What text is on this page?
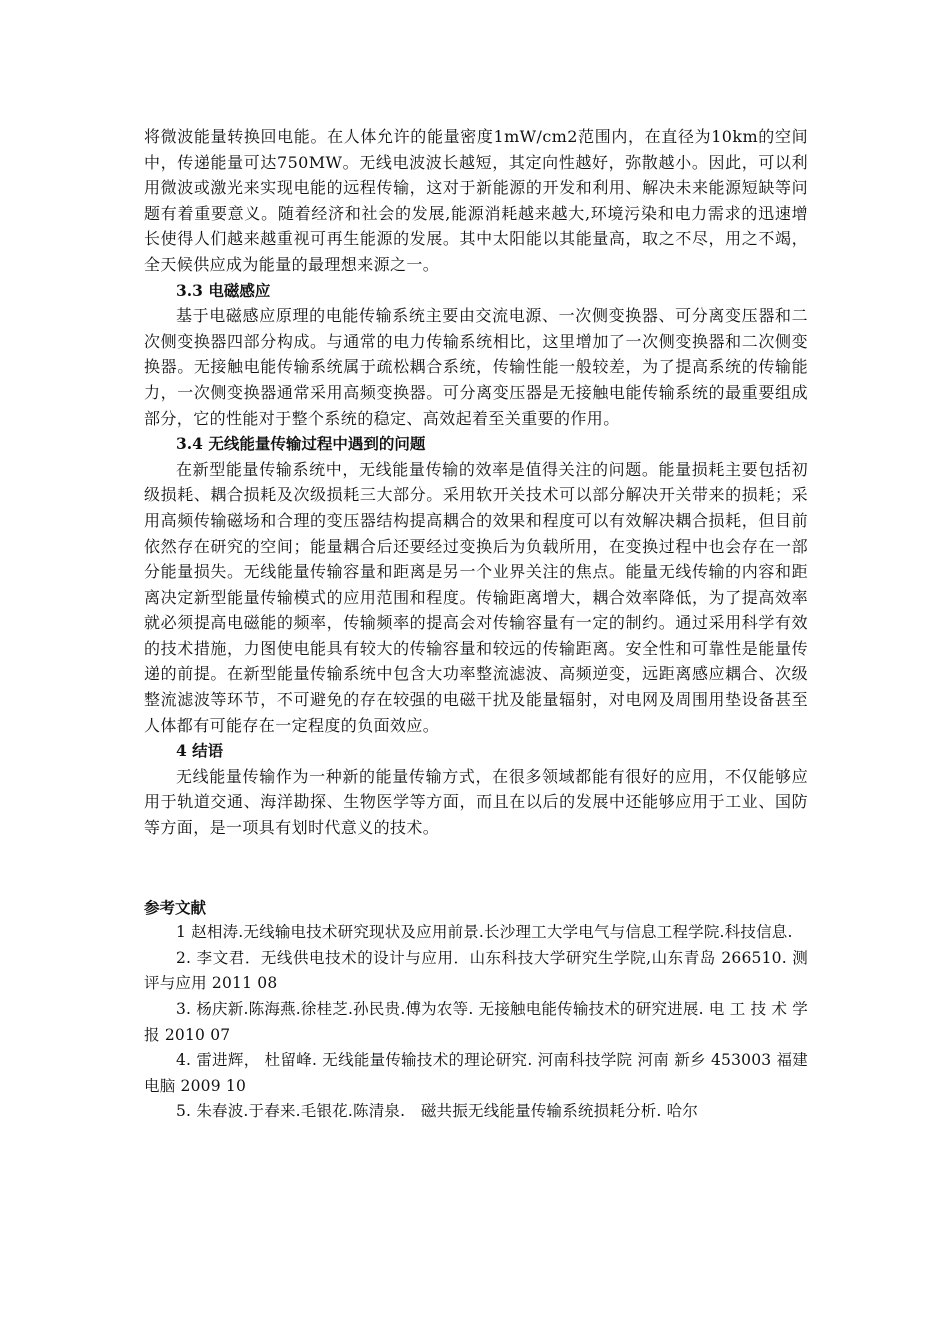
将微波能量转换回电能。在人体允许的能量密度1mW/cm2范围内，在直径为10km的空间中，传递能量可达750MW。无线电波波长越短，其定向性越好，弥散越小。因此，可以利用微波或激光来实现电能的远程传输，这对于新能源的开发和利用、解决未来能源短缺等问题有着重要意义。随着经济和社会的发展,能源消耗越来越大,环境污染和电力需求的迅速增长使得人们越来越重视可再生能源的发展。其中太阳能以其能量高，取之不尽，用之不竭，全天候供应成为能量的最理想来源之一。

3.3 电磁感应

基于电磁感应原理的电能传输系统主要由交流电源、一次侧变换器、可分离变压器和二次侧变换器四部分构成。与通常的电力传输系统相比，这里增加了一次侧变换器和二次侧变换器。无接触电能传输系统属于疏松耦合系统，传输性能一般较差，为了提高系统的传输能力，一次侧变换器通常采用高频变换器。可分离变压器是无接触电能传输系统的最重要组成部分，它的性能对于整个系统的稳定、高效起着至关重要的作用。

3.4 无线能量传输过程中遇到的问题

在新型能量传输系统中，无线能量传输的效率是值得关注的问题。能量损耗主要包括初级损耗、耦合损耗及次级损耗三大部分。采用软开关技术可以部分解决开关带来的损耗；采用高频传输磁场和合理的变压器结构提高耦合的效果和程度可以有效解决耦合损耗，但目前依然存在研究的空间；能量耦合后还要经过变换后为负载所用，在变换过程中也会存在一部分能量损失。无线能量传输容量和距离是另一个业界关注的焦点。能量无线传输的内容和距离决定新型能量传输模式的应用范围和程度。传输距离增大，耦合效率降低，为了提高效率就必须提高电磁能的频率，传输频率的提高会对传输容量有一定的制约。通过采用科学有效的技术措施，力图使电能具有较大的传输容量和较远的传输距离。安全性和可靠性是能量传递的前提。在新型能量传输系统中包含大功率整流滤波、高频逆变，远距离感应耦合、次级整流滤波等环节，不可避免的存在较强的电磁干扰及能量辐射，对电网及周围用垫设备甚至人体都有可能存在一定程度的负面效应。

4 结语

无线能量传输作为一种新的能量传输方式，在很多领域都能有很好的应用，不仅能够应用于轨道交通、海洋勘探、生物医学等方面，而且在以后的发展中还能够应用于工业、国防等方面，是一项具有划时代意义的技术。

参考文献

1 赵相涛.无线输电技术研究现状及应用前景.长沙理工大学电气与信息工程学院.科技信息.

2. 李文君．无线供电技术的设计与应用．山东科技大学研究生学院,山东青岛 266510. 测评与应用 2011 08

3. 杨庆新.陈海燕.徐桂芝.孙民贵.傅为农等. 无接触电能传输技术的研究进展. 电 工 技 术 学 报 2010 07

4. 雷进辉， 杜留峰. 无线能量传输技术的理论研究. 河南科技学院 河南 新乡 453003 福建电脑 2009 10

5. 朱春波.于春来.毛银花.陈清泉.　磁共振无线能量传输系统损耗分析. 哈尔
